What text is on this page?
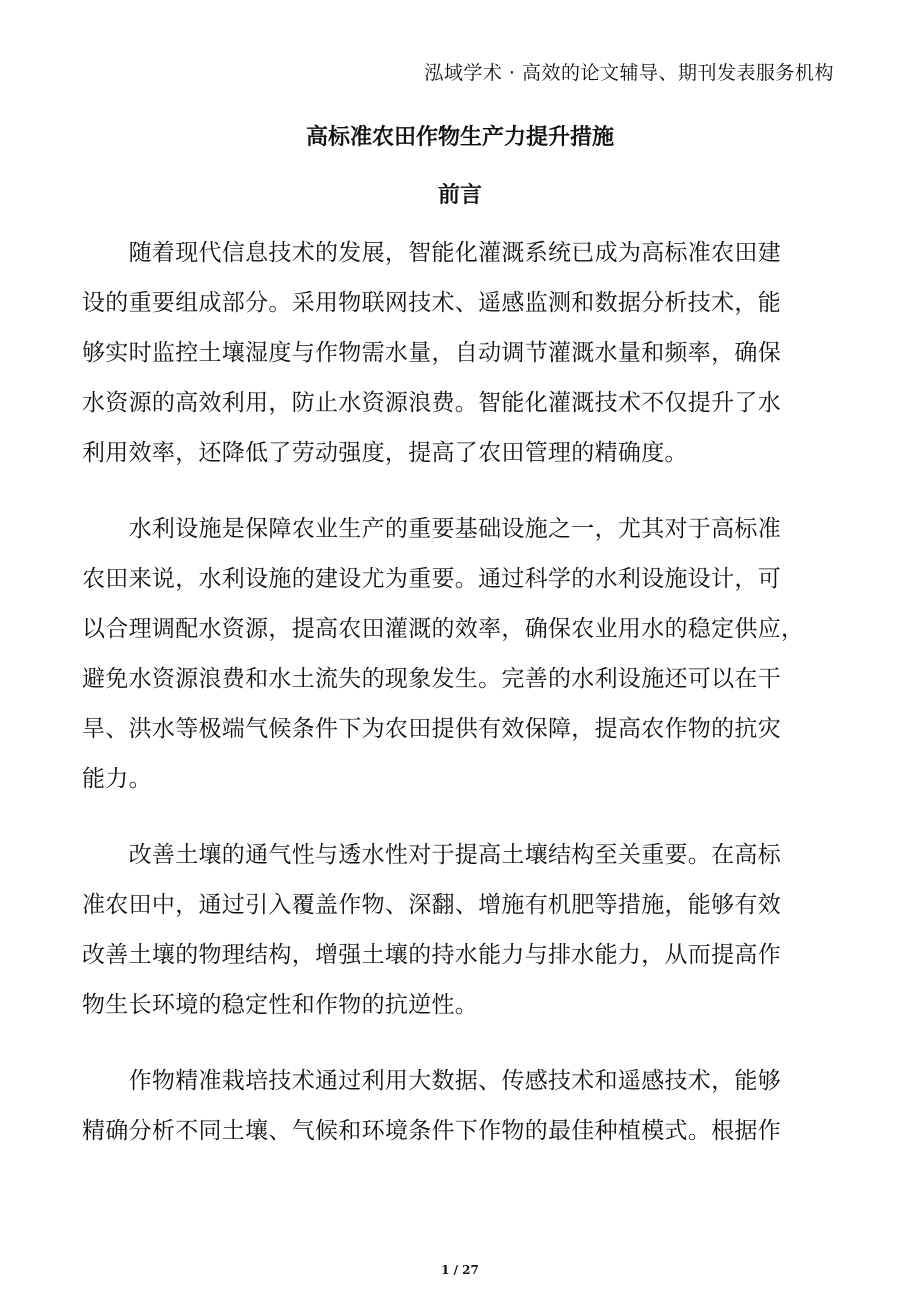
泓域学术 · 高效的论文辅导、期刊发表服务机构
高标准农田作物生产力提升措施
前言
　　随着现代信息技术的发展，智能化灌溉系统已成为高标准农田建
设的重要组成部分。采用物联网技术、遥感监测和数据分析技术，能
够实时监控土壤湿度与作物需水量，自动调节灌溉水量和频率，确保
水资源的高效利用，防止水资源浪费。智能化灌溉技术不仅提升了水
利用效率，还降低了劳动强度，提高了农田管理的精确度。
　　水利设施是保障农业生产的重要基础设施之一，尤其对于高标准
农田来说，水利设施的建设尤为重要。通过科学的水利设施设计，可
以合理调配水资源，提高农田灌溉的效率，确保农业用水的稳定供应，
避免水资源浪费和水土流失的现象发生。完善的水利设施还可以在干
旱、洪水等极端气候条件下为农田提供有效保障，提高农作物的抗灾
能力。
　　改善土壤的通气性与透水性对于提高土壤结构至关重要。在高标
准农田中，通过引入覆盖作物、深翻、增施有机肥等措施，能够有效
改善土壤的物理结构，增强土壤的持水能力与排水能力，从而提高作
物生长环境的稳定性和作物的抗逆性。
　　作物精准栽培技术通过利用大数据、传感技术和遥感技术，能够
精确分析不同土壤、气候和环境条件下作物的最佳种植模式。根据作
1 / 27
